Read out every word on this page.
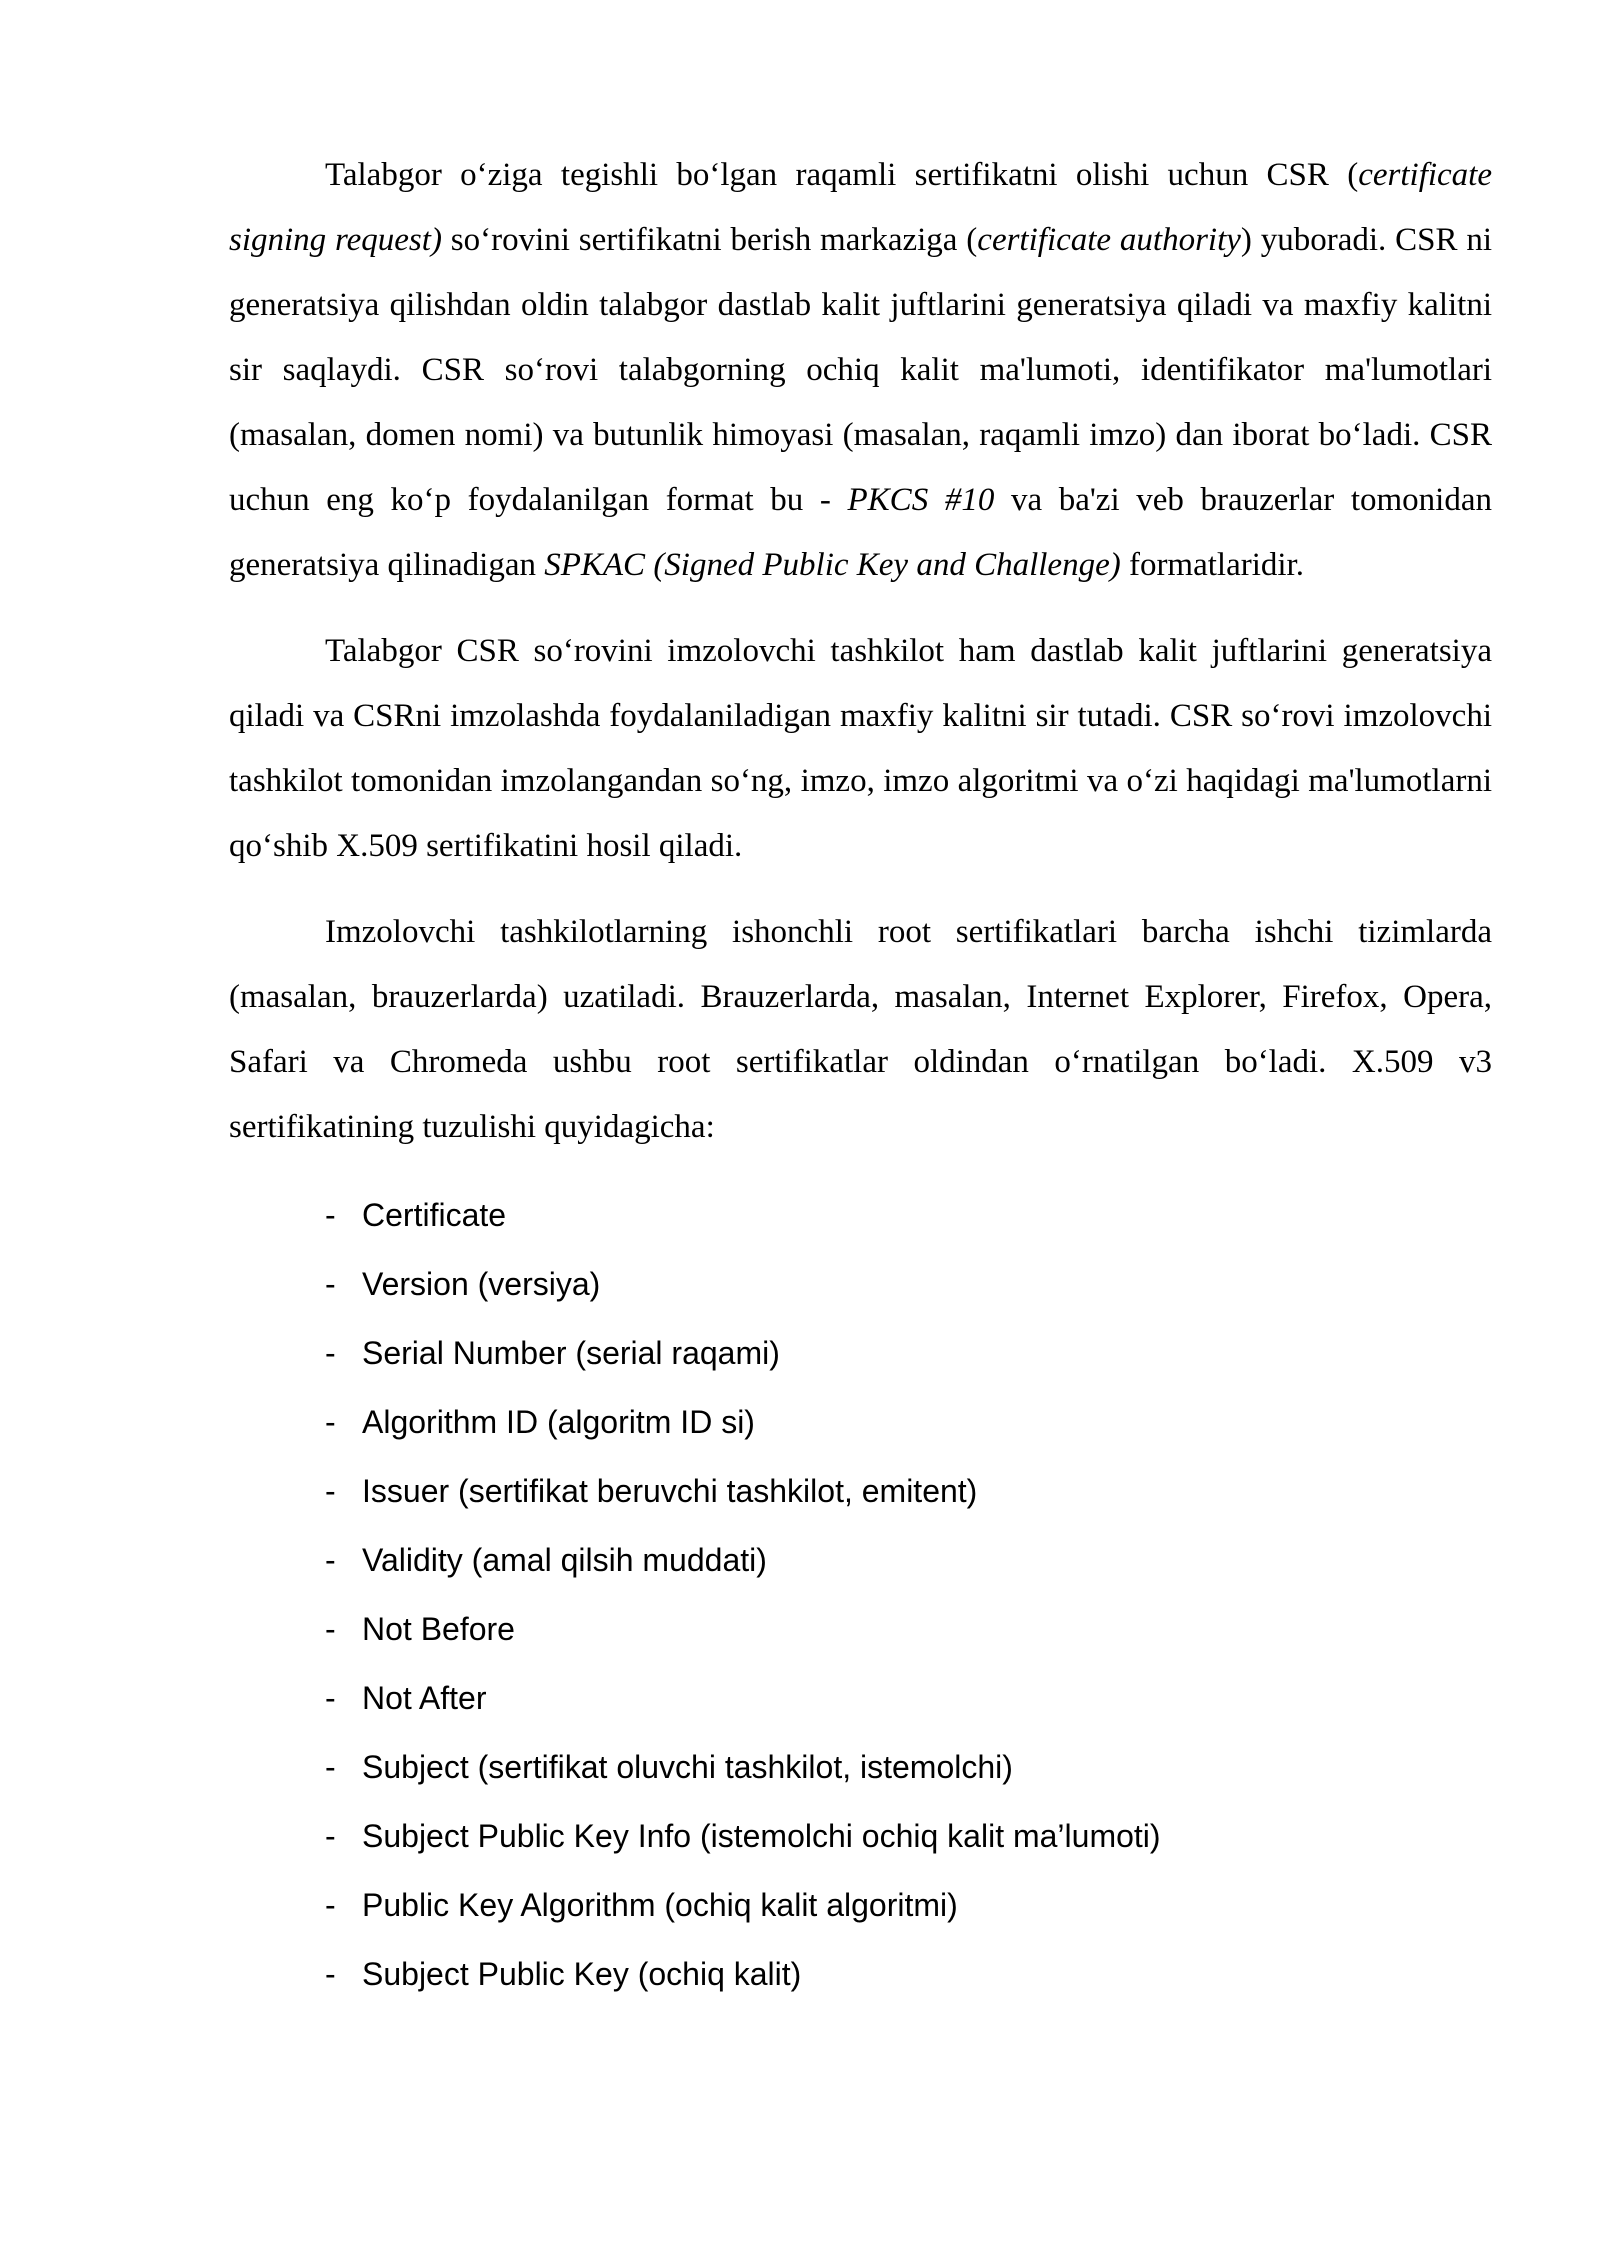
Talabgor o‘ziga tegishli bo‘lgan raqamli sertifikatni olishi uchun CSR (certificate signing request) so‘rovini sertifikatni berish markaziga (certificate authority) yuboradi. CSR ni generatsiya qilishdan oldin talabgor dastlab kalit juftlarini generatsiya qiladi va maxfiy kalitni sir saqlaydi. CSR so‘rovi talabgorning ochiq kalit ma'lumoti, identifikator ma'lumotlari (masalan, domen nomi) va butunlik himoyasi (masalan, raqamli imzo) dan iborat bo‘ladi. CSR uchun eng ko‘p foydalanilgan format bu - PKCS #10 va ba'zi veb brauzerlar tomonidan generatsiya qilinadigan SPKAC (Signed Public Key and Challenge) formatlaridir.

Talabgor CSR so‘rovini imzolovchi tashkilot ham dastlab kalit juftlarini generatsiya qiladi va CSRni imzolashda foydalaniladigan maxfiy kalitni sir tutadi. CSR so‘rovi imzolovchi tashkilot tomonidan imzolangandan so‘ng, imzo, imzo algoritmi va o‘zi haqidagi ma'lumotlarni qo‘shib X.509 sertifikatini hosil qiladi.

Imzolovchi tashkilotlarning ishonchli root sertifikatlari barcha ishchi tizimlarda (masalan, brauzerlarda) uzatiladi. Brauzerlarda, masalan, Internet Explorer, Firefox, Opera, Safari va Chromeda ushbu root sertifikatlar oldindan o‘rnatilgan bo‘ladi. X.509 v3 sertifikatining tuzulishi quyidagicha:

- Certificate
- Version (versiya)
- Serial Number (serial raqami)
- Algorithm ID (algoritm ID si)
- Issuer (sertifikat beruvchi tashkilot, emitent)
- Validity (amal qilsih muddati)
- Not Before
- Not After
- Subject (sertifikat oluvchi tashkilot, istemolchi)
- Subject Public Key Info (istemolchi ochiq kalit ma’lumoti)
- Public Key Algorithm (ochiq kalit algoritmi)
- Subject Public Key (ochiq kalit)
